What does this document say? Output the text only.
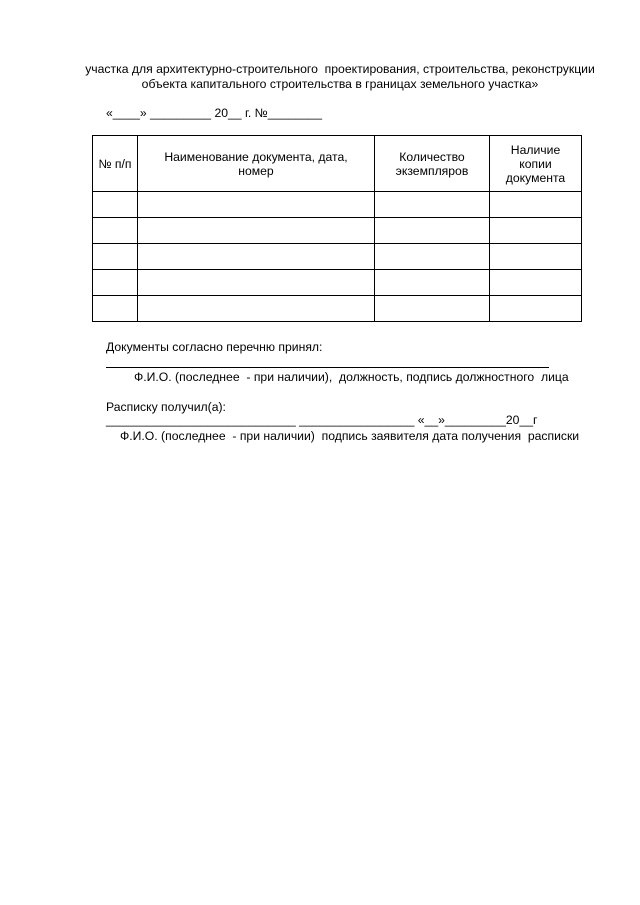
участка для архитектурно-строительного  проектирования, строительства, реконструкции
объекта капитального строительства в границах земельного участка»
«____» _________ 20__ г. №________
№ п/п	Наименование документа, дата, номер	Количество экземпляров	Наличие копии документа

Документы согласно перечню принял:
Ф.И.О. (последнее  - при наличии),  должность, подпись должностного  лица
Расписку получил(а):
____________________________ _________________ «__»_________20__г
Ф.И.О. (последнее  - при наличии)  подпись заявителя дата получения  расписки
